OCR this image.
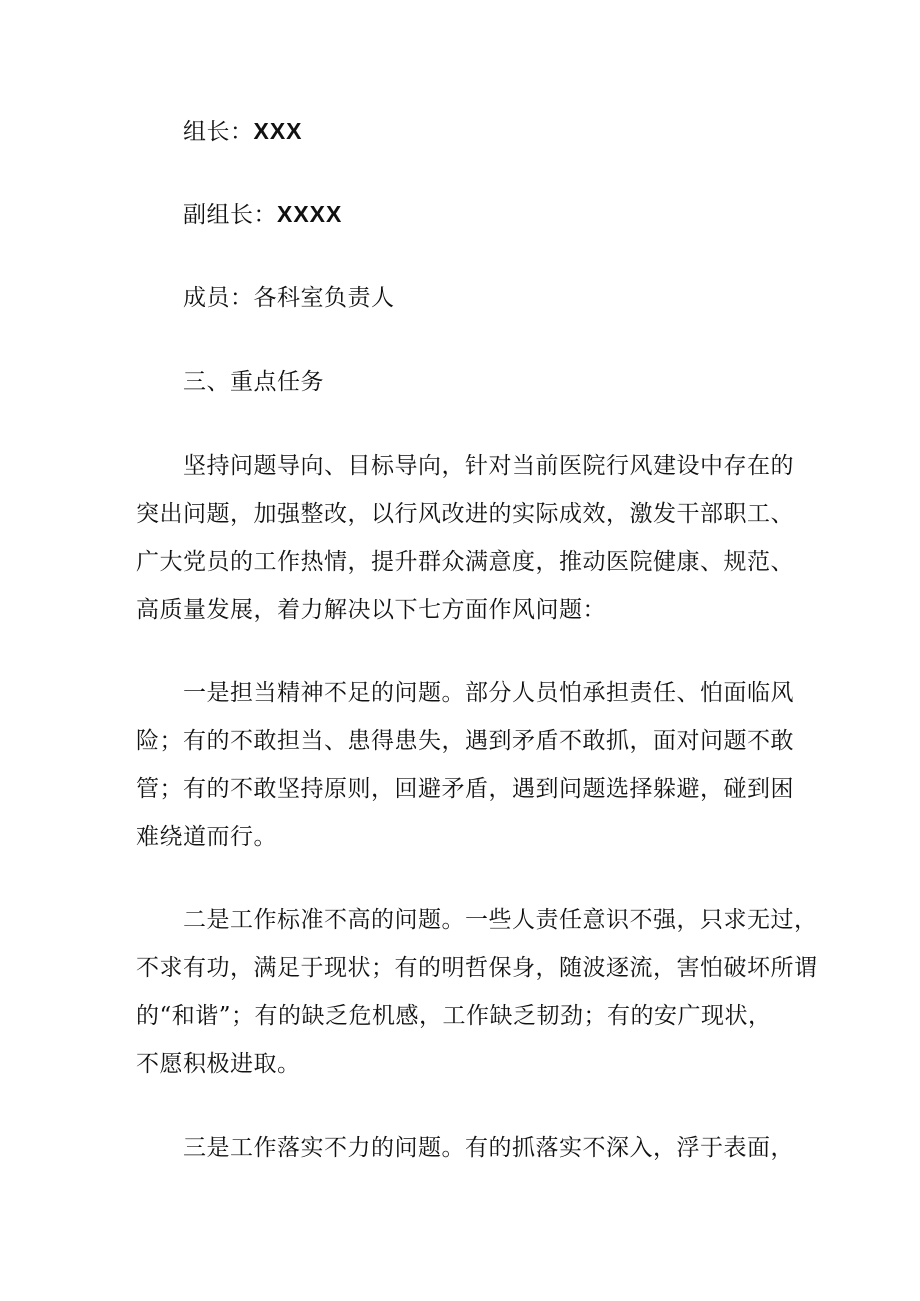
组长：XXX
副组长：XXXX
成员：各科室负责人
三、重点任务
坚持问题导向、目标导向，针对当前医院行风建设中存在的
突出问题，加强整改，以行风改进的实际成效，激发干部职工、
广大党员的工作热情，提升群众满意度，推动医院健康、规范、
高质量发展，着力解决以下七方面作风问题：
一是担当精神不足的问题。部分人员怕承担责任、怕面临风
险；有的不敢担当、患得患失，遇到矛盾不敢抓，面对问题不敢
管；有的不敢坚持原则，回避矛盾，遇到问题选择躲避，碰到困
难绕道而行。
二是工作标准不高的问题。一些人责任意识不强，只求无过，
不求有功，满足于现状；有的明哲保身，随波逐流，害怕破坏所谓
的“和谐”；有的缺乏危机感，工作缺乏韧劲；有的安广现状，
不愿积极进取。
三是工作落实不力的问题。有的抓落实不深入，浮于表面，
